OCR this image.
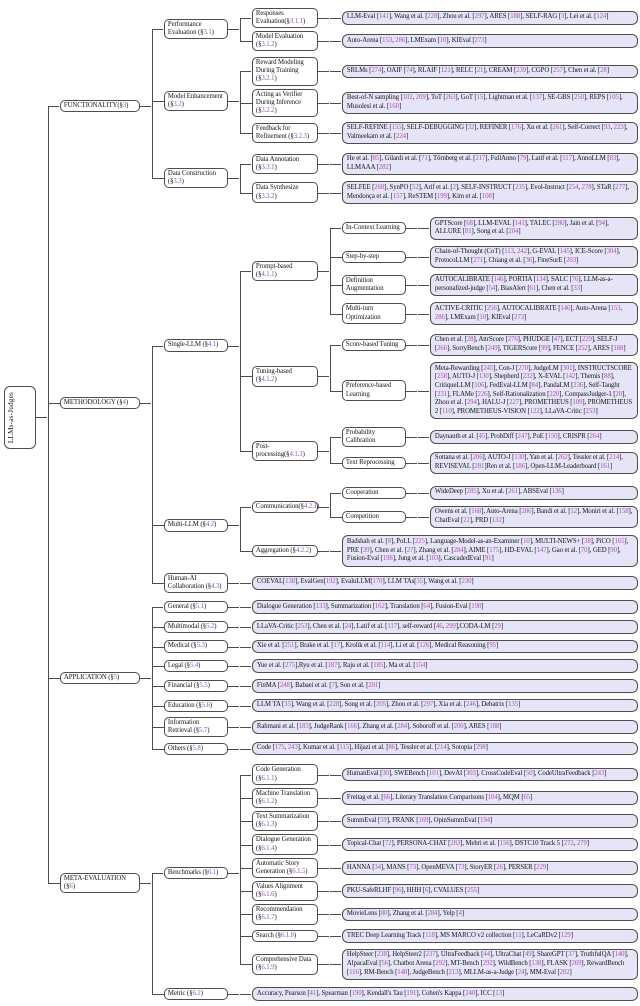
LLMs-as-Judges
FUNCTIONALITY(§3)
Performance Evaluation (§3.1)
Responses Evaluation(§3.1.1)
LLM-Eval [141], Wang et al. [228], Zhou et al. [297], ARES [188], SELF-RAG [3], Lei et al. [124]
Model Evaluation (§3.1.2)
Auto-Arena [153, 286], LMExam [10], KIEval [273]
Model Enhancement (§3.2)
Reward Modeling During Training (§3.2.1)
SRLMs [274], OAIF [74], RLAIF [121], RELC [21], CREAM [239], CGPO [257], Chen et al. [28]
Acting as Verifier During Inference (§3.2.2)
Best-of-N sampling [102, 209], ToT [263], GoT [15], Lightman et al. [137], SE-GBS [250], REPS [105], Musolesi et al. [160]
Feedback for Refinement (§3.2.3)
SELF-REFINE [155], SELF-DEBUGGING [32], REFINER [176], Xu et al. [261], Self-Correct [93, 223], Valmeekam et al. [224]
Data Construction (§3.3)
Data Annotation (§3.3.1)
He et al. [85], Gilardi et al. [71], Törnberg et al. [217], FullAnno [79], Latif et al. [117], AnnoLLM [83], LLMAAA [282]
Data Synthesize (§3.3.2)
SELFEE [268], SynPO [52], Arif et al. [2], SELF-INSTRUCT [235], Evol-Instruct [254, 278], STaR [277], Mendonça et al. [157], ReSTEM [199], Kim et al. [108]
METHODOLOGY (§4)
Single-LLM (§4.1)
Prompt-based (§4.1.1)
In-Context Learning
GPTScore [68], LLM-EVAL [141], TALEC [280], Jain et al. [94], ALLURE [81], Song et al. [204]
Step-by-step
Chain-of-Thought (CoT) [113, 242], G-EVAL [145], ICE-Score [304], ProtocoLLM [271], Chiang et al. [36], FineSurE [203]
Definition Augmentation
AUTOCALIBRATE [146], PORTIA [134], SALC [76], LLM-as-a-personalized-judge [54], BiasAlert [61], Chen et al. [33]
Multi-turn Optimization
ACTIVE-CRITIC [256], AUTOCALIBRATE [146], Auto-Arena [153, 286], LMExam [10], KIEval [273]
Tuning-based (§4.1.2)
Score-based Tuning
Chen et al. [28], AttrScore [276], PHUDGE [47], ECT [229], SELF-J [266], SorryBench [249], TIGERScore [99], FENCE [252], ARES [188]
Preference-based Learning
Meta-Rewarding [245], Con-J [270], JudgeLM [301], INSTRUCTSCORE [258], AUTO-J [130], Shepherd [232], X-EVAL [142], Themis [88], CritiqueLLM [106], FedEval-LLM [84], PandaLM [236], Self-Taught [231], FLAMe [226], Self-Rationalization [220], CompassJudger-1 [20], Zhou et al. [294], HALU-J [227], PROMETHEUS [109], PROMETHEUS 2 [110], PROMETHEUS-VISION [122], LLaVA-Critic [253]
Post-processing(§4.1.3)
Probability Calibration
Daynauth et al. [45], ProbDiff [247], PoE [150], CRISPR [264]
Text Reprocessing
Sottana et al. [206], AUTO-J [130], Yan et al. [262], Tessler et al. [214], REVISEVAL [281]Ren et al. [186], Open-LLM-Leaderboard [161]
Multi-LLM (§4.2)
Communication(§4.2.1)
Cooperation	WideDeep [285], Xu et al. [261], ABSEval [136]
Competition
Owens et al. [168], Auto-Arena [286], Bandi et al. [12], Moniri et al. [158], ChatEval [22], PRD [132]
Aggregation (§4.2.2)
Badshah et al. [8], PoLL [225], Language-Model-as-an-Examiner [10], MULTI-NEWS+ [38], PiCO [165], PRE [39], Chen et al. [27], Zhang et al. [284], AIME [175], HD-EVAL [147], Gao et al. [70], GED [90], Fusion-Eval [198], Jung et al. [103], CascadedEval [91]
Human-AI Collaboration (§4.3)
COEVAL[138], EvalGen[192], EvaluLLM[170], LLM TAs[35], Wang et al. [230]
APPLICATION (§5)
General (§5.1)	Dialogue Generation [133], Summarization [162], Translation [64], Fusion-Eval [198]
Multimodal (§5.2)	LLaVA-Critic [253], Chen et al. [24], Latif et al. [117], self-reward [46, 299],CODA-LM [29]
Medical (§5.3)	Xie et al. [251], Brake et al. [17], Krolik et al. [114], Li et al. [126], Medical Reasoning [95]
Legal (§5.4)	Yue et al. [275],Ryu et al. [187], Raju et al. [185], Ma et al. [154]
Financial (§5.5)	FinMA [248], Babaei et al. [7], Son et al. [201]
Education (§5.6)	LLM TA [35], Wang et al. [228], Song et al. [205], Zhou et al. [297], Xia et al. [246], Debatrix [135]
Information Retrieval (§5.7)
Rahmani et al. [183], JudgeRank [166], Zhang et al. [284], Soboroff et al. [200], ARES [188]
Others (§5.8)	Code [175, 243], Kumar et al. [115], Hijazi et al. [86], Tessler et al. [214], Sotopia [298]
META-EVALUATION (§6)
Benchmarks (§6.1)
Code Generation (§6.1.1)
HumanEval [30], SWEBench [101], DevAI [303], CrossCodeEval [50], CodeUltraFeedback [243]
Machine Translation (§6.1.2)
Freitag et al. [66], Literary Translation Comparisons [104], MQM [65]
Text Summarization (§6.1.3)
SummEval [59], FRANK [169], OpinSummEval [194]
Dialogue Generation (§6.1.4)
Topical-Chat [72], PERSONA-CHAT [283], Mehri et al. [156], DSTC10 Track 5 [272, 279]
Automatic Story Generation (§6.1.5)
HANNA [34], MANS [73], OpenMEVA [73], StoryER [26], PERSER [229]
Values Alignment (§6.1.6)
PKU-SafeRLHF [96], HHH [6], CVALUES [255]
Recommendation (§6.1.7)
MovieLens [80], Zhang et al. [284], Yelp [4]
Search (§6.1.8)	TREC Deep Learning Track [118], MS MARCO v2 collection [11], LeCaRDv2 [129]
Comprehensive Data (§6.1.9)
HelpSteer [238], HelpSteer2 [237], UltraFeedback [44], UltraChat [49], ShareGPT [37], TruthfulQA [140], AlpacaEval [56], Chatbot Arena [292], MT-Bench [292], WildBench [138], FLASK [269], RewardBench [116], RM-Bench [148], JudgeBench [213], MLLM-as-a-Judge [24], MM-Eval [202]
Metric (§6.2)	Accuracy, Pearson [41], Spearman [190], Kendall's Tau [191], Cohen's Kappa [240], ICC [13]
